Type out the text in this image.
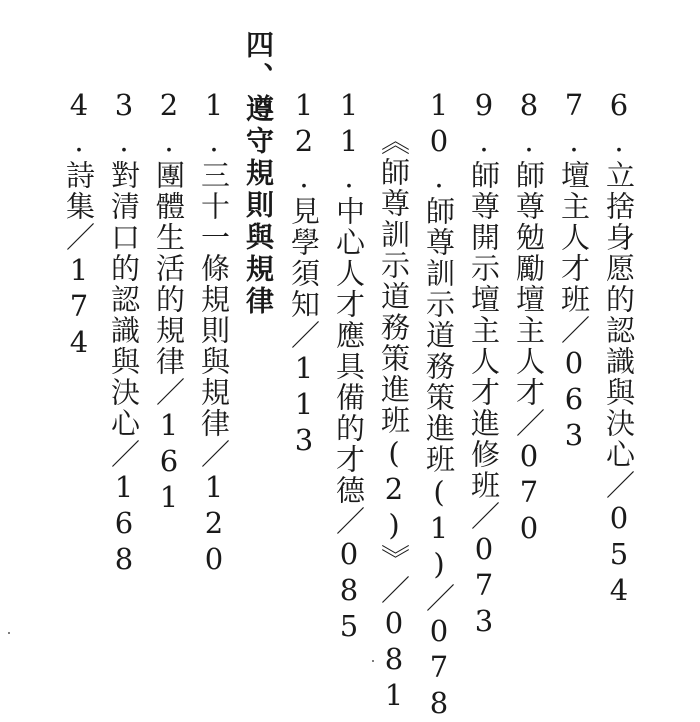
6.立捨身愿的認識與決心／054
7.壇主人才班／063
8.師尊勉勵壇主人才／070
9.師尊開示壇主人才進修班／073
10.師尊訓示道務策進班(1)／078
《師尊訓示道務策進班(2)》／081
11.中心人才應具備的才德／085
12.見學須知／113
四、遵守規則與規律
1.三十一條規則與規律／120
2.團體生活的規律／161
3.對清口的認識與決心／168
4.詩集／174
